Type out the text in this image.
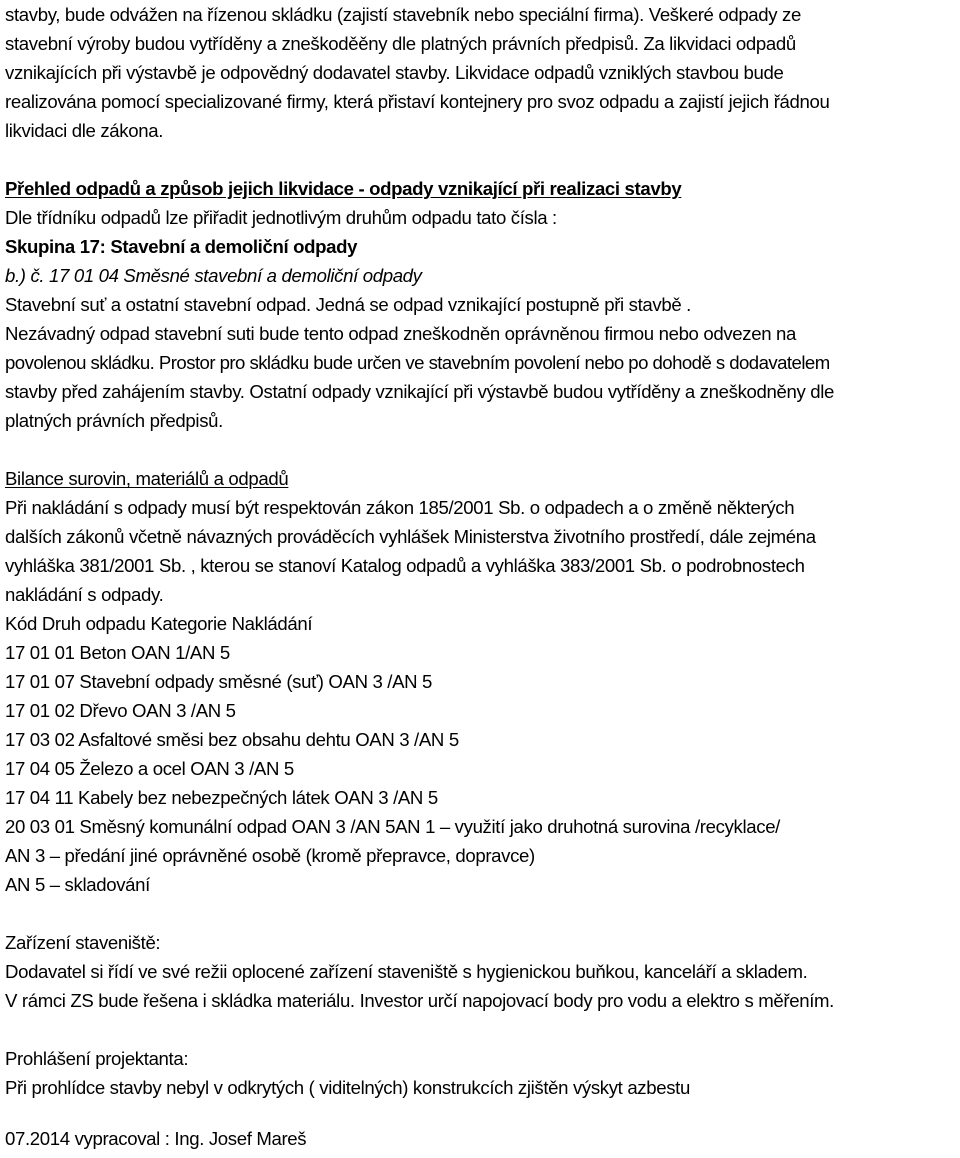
stavby, bude odvážen na řízenou skládku (zajistí stavebník nebo speciální firma). Veškeré odpady ze
stavební výroby budou vytříděny a zneškoděěny dle platných právních předpisů. Za likvidaci odpadů
vznikajících při výstavbě je odpovědný dodavatel stavby. Likvidace odpadů vzniklých stavbou bude
realizována pomocí specializované firmy, která přistaví kontejnery pro svoz odpadu a zajistí jejich řádnou
likvidaci dle zákona.
Přehled odpadů a způsob jejich likvidace - odpady vznikající při realizaci stavby
Dle třídníku odpadů lze přiřadit jednotlivým druhům odpadu tato čísla :
Skupina 17: Stavební a demoliční odpady
b.) č. 17 01 04 Směsné stavební a demoliční odpady
Stavební suť a ostatní stavební odpad. Jedná se odpad vznikající postupně při stavbě .
Nezávadný odpad stavební suti bude tento odpad zneškodněn oprávněnou firmou nebo odvezen na
povolenou skládku. Prostor pro skládku bude určen ve stavebním povolení nebo po dohodě s dodavatelem
stavby před zahájením stavby. Ostatní odpady vznikající při výstavbě budou vytříděny a zneškodněny dle
platných právních předpisů.
Bilance surovin, materiálů a odpadů
Při nakládání s odpady musí být respektován zákon 185/2001 Sb. o odpadech a o změně některých
dalších zákonů včetně návazných prováděcích vyhlášek Ministerstva životního prostředí, dále zejména
vyhláška 381/2001 Sb. , kterou se stanoví Katalog odpadů a vyhláška 383/2001 Sb. o podrobnostech
nakládání s odpady.
Kód Druh odpadu Kategorie Nakládání
17 01 01 Beton OAN 1/AN 5
17 01 07 Stavební odpady směsné (suť) OAN 3 /AN 5
17 01 02 Dřevo OAN 3 /AN 5
17 03 02 Asfaltové směsi bez obsahu dehtu OAN 3 /AN 5
17 04 05 Železo a ocel OAN 3 /AN 5
17 04 11 Kabely bez nebezpečných látek OAN 3 /AN 5
20 03 01 Směsný komunální odpad OAN 3 /AN 5AN 1 – využití jako druhotná surovina /recyklace/
AN 3 – předání jiné oprávněné osobě (kromě přepravce, dopravce)
AN 5 – skladování
Zařízení staveniště:
Dodavatel si řídí ve své režii oplocené zařízení staveniště s hygienickou buňkou, kanceláří a skladem.
V rámci ZS bude řešena i skládka materiálu. Investor určí napojovací body pro vodu a elektro s měřením.
Prohlášení projektanta:
Při prohlídce stavby nebyl v odkrytých ( viditelných) konstrukcích zjištěn výskyt azbestu
07.2014 vypracoval : Ing. Josef Mareš
